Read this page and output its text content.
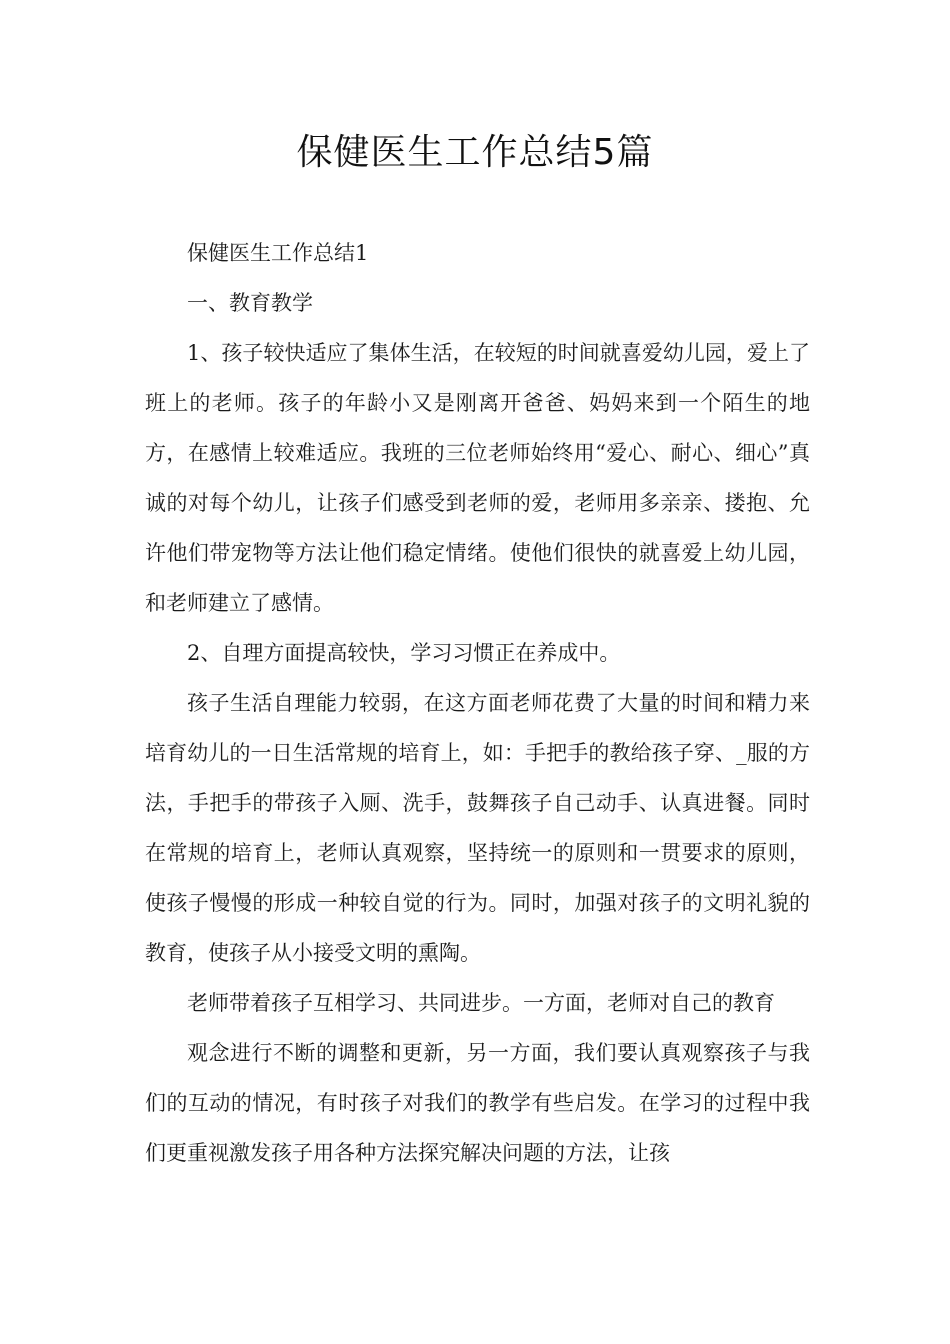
保健医生工作总结5篇

保健医生工作总结1

一、教育教学

1、孩子较快适应了集体生活，在较短的时间就喜爱幼儿园，爱上了班上的老师。孩子的年龄小又是刚离开爸爸、妈妈来到一个陌生的地方，在感情上较难适应。我班的三位老师始终用“爱心、耐心、细心”真诚的对每个幼儿，让孩子们感受到老师的爱，老师用多亲亲、搂抱、允许他们带宠物等方法让他们稳定情绪。使他们很快的就喜爱上幼儿园，和老师建立了感情。

2、自理方面提高较快，学习习惯正在养成中。

孩子生活自理能力较弱，在这方面老师花费了大量的时间和精力来培育幼儿的一日生活常规的培育上，如：手把手的教给孩子穿、_服的方法，手把手的带孩子入厕、洗手，鼓舞孩子自己动手、认真进餐。同时在常规的培育上，老师认真观察，坚持统一的原则和一贯要求的原则，使孩子慢慢的形成一种较自觉的行为。同时，加强对孩子的文明礼貌的教育，使孩子从小接受文明的熏陶。

老师带着孩子互相学习、共同进步。一方面，老师对自己的教育

观念进行不断的调整和更新，另一方面，我们要认真观察孩子与我们的互动的情况，有时孩子对我们的教学有些启发。在学习的过程中我们更重视激发孩子用各种方法探究解决问题的方法，让孩
